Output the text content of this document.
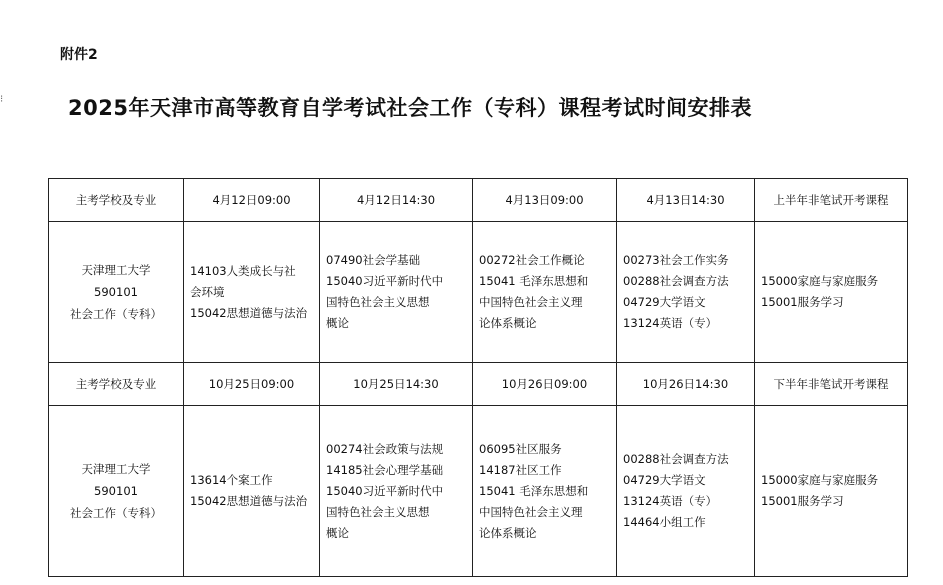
附件2
⁝	2025年天津市高等教育自学考试社会工作（专科）课程考试时间安排表
主考学校及专业	4月12日09:00	4月12日14:30	4月13日09:00	4月13日14:30	上半年非笔试开考课程

天津理工大学
590101
社会工作（专科）	14103人类成长与社
会环境
15042思想道德与法治	07490社会学基础
15040习近平新时代中
国特色社会主义思想
概论	00272社会工作概论
15041 毛泽东思想和
中国特色社会主义理
论体系概论	00273社会工作实务
00288社会调查方法
04729大学语文
13124英语（专）	15000家庭与家庭服务
15001服务学习

主考学校及专业	10月25日09:00	10月25日14:30	10月26日09:00	10月26日14:30	下半年非笔试开考课程

天津理工大学
590101
社会工作（专科）	13614个案工作
15042思想道德与法治	00274社会政策与法规
14185社会心理学基础
15040习近平新时代中
国特色社会主义思想
概论	06095社区服务
14187社区工作
15041 毛泽东思想和
中国特色社会主义理
论体系概论	00288社会调查方法
04729大学语文
13124英语（专）
14464小组工作	15000家庭与家庭服务
15001服务学习
